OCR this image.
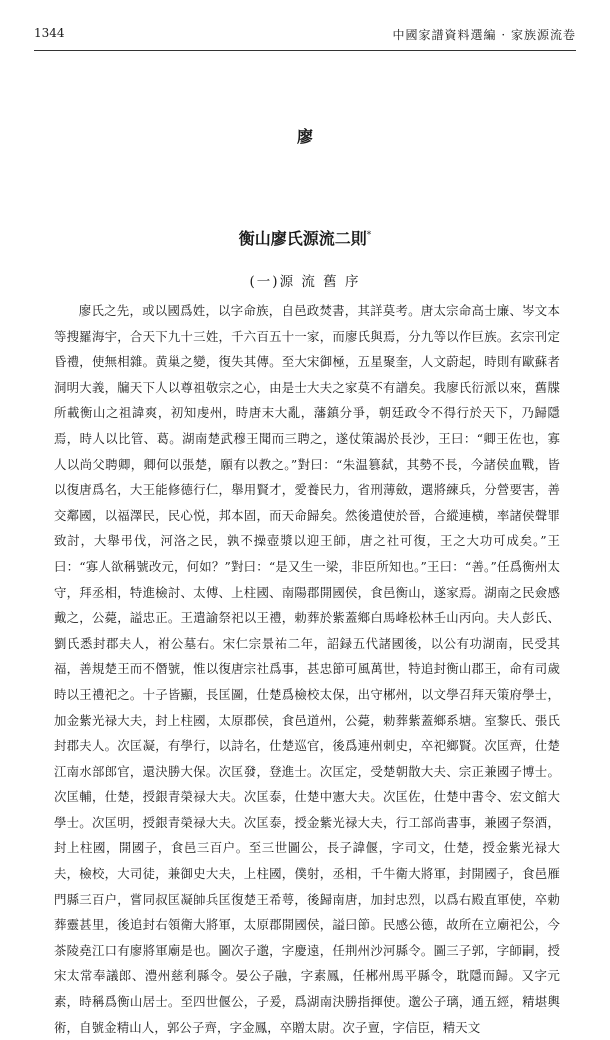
1344	中國家譜資料選編 · 家族源流卷
廖
衡山廖氏源流二則*
(一)源 流 舊 序

廖氏之先，或以國爲姓，以字命族，自邑政焚書，其詳莫考。唐太宗命高士廉、岑文本等搜羅海宇，合天下九十三姓，千六百五十一家，而廖氏與焉，分九等以作巨族。玄宗刊定昏禮，使無相雜。黄巢之變，復失其傳。至大宋御極，五星聚奎，人文蔚起，時則有歐蘇者洞明大義，牖天下人以尊祖敬宗之心，由是士大夫之家莫不有譜矣。我廖氏衍派以來，舊牒所載衡山之祖諱爽，初知虔州，時唐末大亂，藩鎮分爭，朝廷政令不得行於天下，乃歸隱焉，時人以比管、葛。湖南楚武穆王聞而三聘之，遂仗策謁於長沙，王曰：“卿王佐也，寡人以尚父聘卿，卿何以張楚，願有以教之。”對曰：“朱温篡弑，其勢不長，今諸侯血戰，皆以復唐爲名，大王能修德行仁，舉用賢才，愛養民力，省刑薄斂，選將練兵，分營要害，善交鄰國，以福澤民，民心悦，邦本固，而天命歸矣。然後遣使於晉，合縱連横，率諸侯聲罪致討，大舉弔伐，河洛之民，孰不操壺漿以迎王師，唐之社可復，王之大功可成矣。”王曰：“寡人欲稱號改元，何如？”對曰：“是又生一梁，非臣所知也。”王曰：“善。”任爲衡州太守，拜丞相，特進檢討、太傅、上柱國、南陽郡開國侯，食邑衡山，遂家焉。湖南之民僉感戴之，公薨，謚忠正。王遣諭祭祀以王禮，勅葬於紫蓋鄉白馬峰松林壬山丙向。夫人彭氏、劉氏悉封郡夫人，祔公墓右。宋仁宗景祐二年，詔録五代諸國後，以公有功湖南，民受其福，善規楚王而不僭號，惟以復唐宗社爲事，甚忠節可風萬世，特追封衡山郡王，命有司歲時以王禮祀之。十子皆顯，長匡圖，仕楚爲檢校太保，出守郴州，以文學召拜天策府學士，加金紫光禄大夫，封上柱國，太原郡侯，食邑道州，公薨，勅葬紫蓋鄉系塘。室黎氏、張氏封郡夫人。次匡凝，有學行，以詩名，仕楚巡官，後爲連州刺史，卒祀鄉賢。次匡齊，仕楚江南水部郎官，還決勝大保。次匡發，登進士。次匡定，受楚朝散大夫、宗正兼國子博士。次匡輔，仕楚，授銀青榮禄大夫。次匡泰，仕楚中憲大夫。次匡佐，仕楚中書令、宏文館大學士。次匡明，授銀青榮禄大夫。次匡泰，授金紫光禄大夫，行工部尚書事，兼國子祭酒，封上柱國，開國子，食邑三百户。至三世圖公，長子諱偃，字司文，仕楚，授金紫光禄大夫，檢校，大司徒，兼御史大夫，上柱國，僕射，丞相，千牛衛大將軍，封開國子，食邑雁門縣三百户，嘗同叔匡凝帥兵匡復楚王希萼，後歸南唐，加封忠烈，以爲右殿直軍使，卒勅葬靈甚里，後追封右領衛大將軍，太原郡開國侯，謚曰節。民感公德，故所在立廟祀公，今茶陵堯江口有廖將軍廟是也。圖次子邈，字慶遠，任荆州沙河縣令。圖三子郭，字師嗣，授宋太常奉議郎、澧州慈利縣令。晏公子融，字素鳳，任郴州馬平縣令，耽隱而歸。又字元素，時稱爲衡山居士。至四世偃公，子爰，爲湖南決勝指揮使。邈公子璃，通五經，精堪輿術，自號金精山人，郭公子齊，字金鳳，卒贈太尉。次子亶，字信臣，精天文
